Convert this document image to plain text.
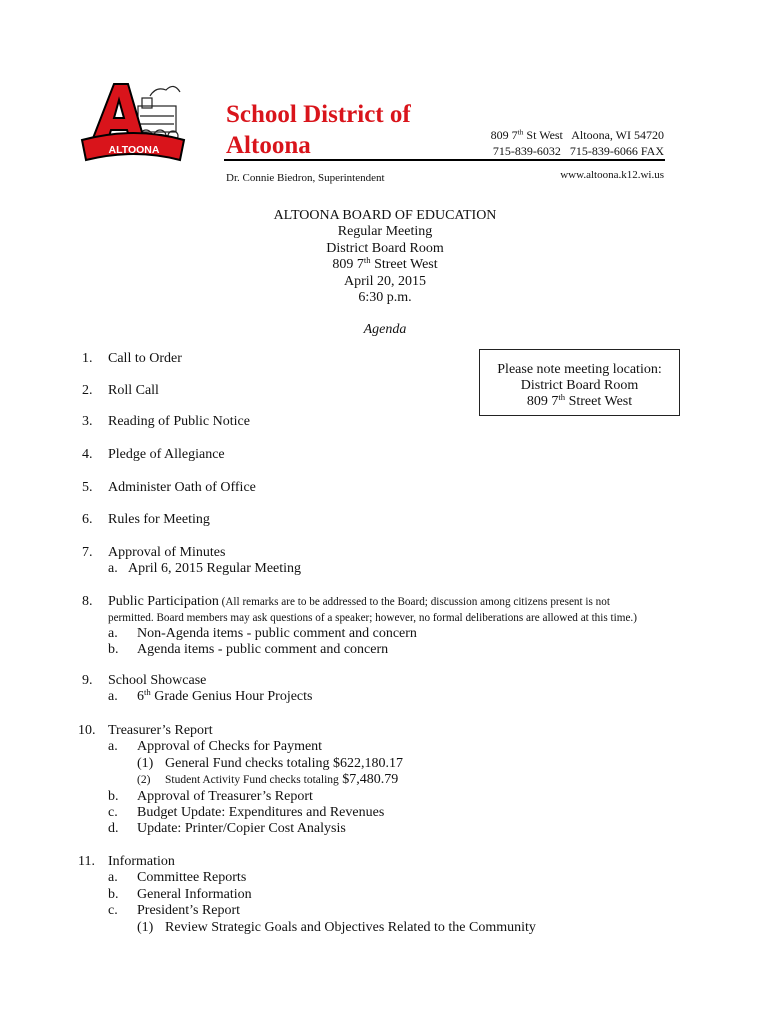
ALTOONA
School District of
Altoona	809 7th St West   Altoona, WI 54720
715-839-6032   715-839-6066 FAX
Dr. Connie Biedron, Superintendent	www.altoona.k12.wi.us
ALTOONA BOARD OF EDUCATION
Regular Meeting
District Board Room
809 7th Street West
April 20, 2015
6:30 p.m.
Agenda
Please note meeting location:
District Board Room
809 7th Street West
1.	Call to Order
2.	Roll Call
3.	Reading of Public Notice
4.	Pledge of Allegiance
5.	Administer Oath of Office
6.	Rules for Meeting
7.	Approval of Minutes
a. April 6, 2015 Regular Meeting
8.	Public Participation (All remarks are to be addressed to the Board; discussion among citizens present is not
permitted. Board members may ask questions of a speaker; however, no formal deliberations are allowed at this time.)
a. Non-Agenda items - public comment and concern
b. Agenda items - public comment and concern
9.	School Showcase
a. 6th Grade Genius Hour Projects
10. Treasurer’s Report
a. Approval of Checks for Payment
(1) General Fund checks totaling $622,180.17
(2) Student Activity Fund checks totaling $7,480.79
b. Approval of Treasurer’s Report
c. Budget Update: Expenditures and Revenues
d. Update: Printer/Copier Cost Analysis
11. Information
a. Committee Reports
b. General Information
c. President’s Report
(1) Review Strategic Goals and Objectives Related to the Community
